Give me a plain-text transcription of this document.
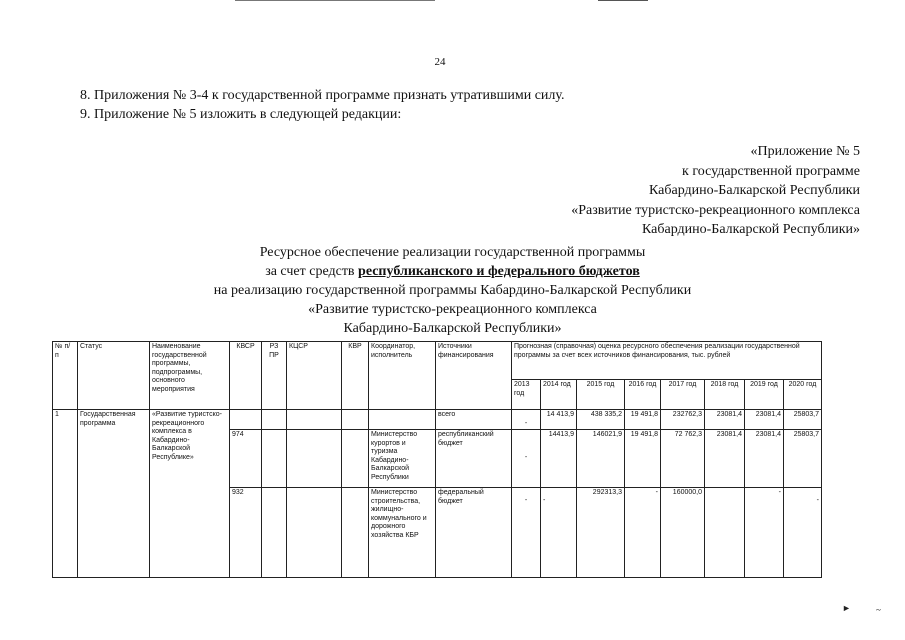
24
8. Приложения № 3-4 к государственной программе признать утратившими силу.
9. Приложение № 5 изложить в следующей редакции:
«Приложение № 5
к государственной программе
Кабардино-Балкарской Республики
«Развитие туристско-рекреационного комплекса
Кабардино-Балкарской Республики»
Ресурсное обеспечение реализации государственной программы
за счет средств республиканского и федерального бюджетов
на реализацию государственной программы Кабардино-Балкарской Республики
«Развитие туристско-рекреационного комплекса
Кабардино-Балкарской Республики»
№ п/ п	Статус	Наименование государственной программы, подпрограммы, основного мероприятия	КВСР	РЗ ПР	КЦСР	КВР	Координатор, исполнитель	Источники финансирования	Прогнозная (справочная) оценка ресурсного обеспечения реализации государственной программы за счет всех источников финансирования, тыс. рублей							
									2013 год	2014 год	2015 год	2016 год	2017 год	2018 год	2019 год	2020 год
1	Государственная программа	«Развитие туристско-рекреационного комплекса в Кабардино-Балкарской Республике»						всего	-	14 413,9	438 335,2	19 491,8	232762,3	23081,4	23081,4	25803,7
			974				Министерство курортов и туризма Кабардино-Балкарской Республики	республиканский бюджет	-	14413,9	146021,9	19 491,8	72 762,3	23081,4	23081,4	25803,7
			932				Министерство строительства, жилищно-коммунального и дорожного хозяйства КБР	федеральный бюджет	-	-	292313,3	-	160000,0		-	-
►	~
